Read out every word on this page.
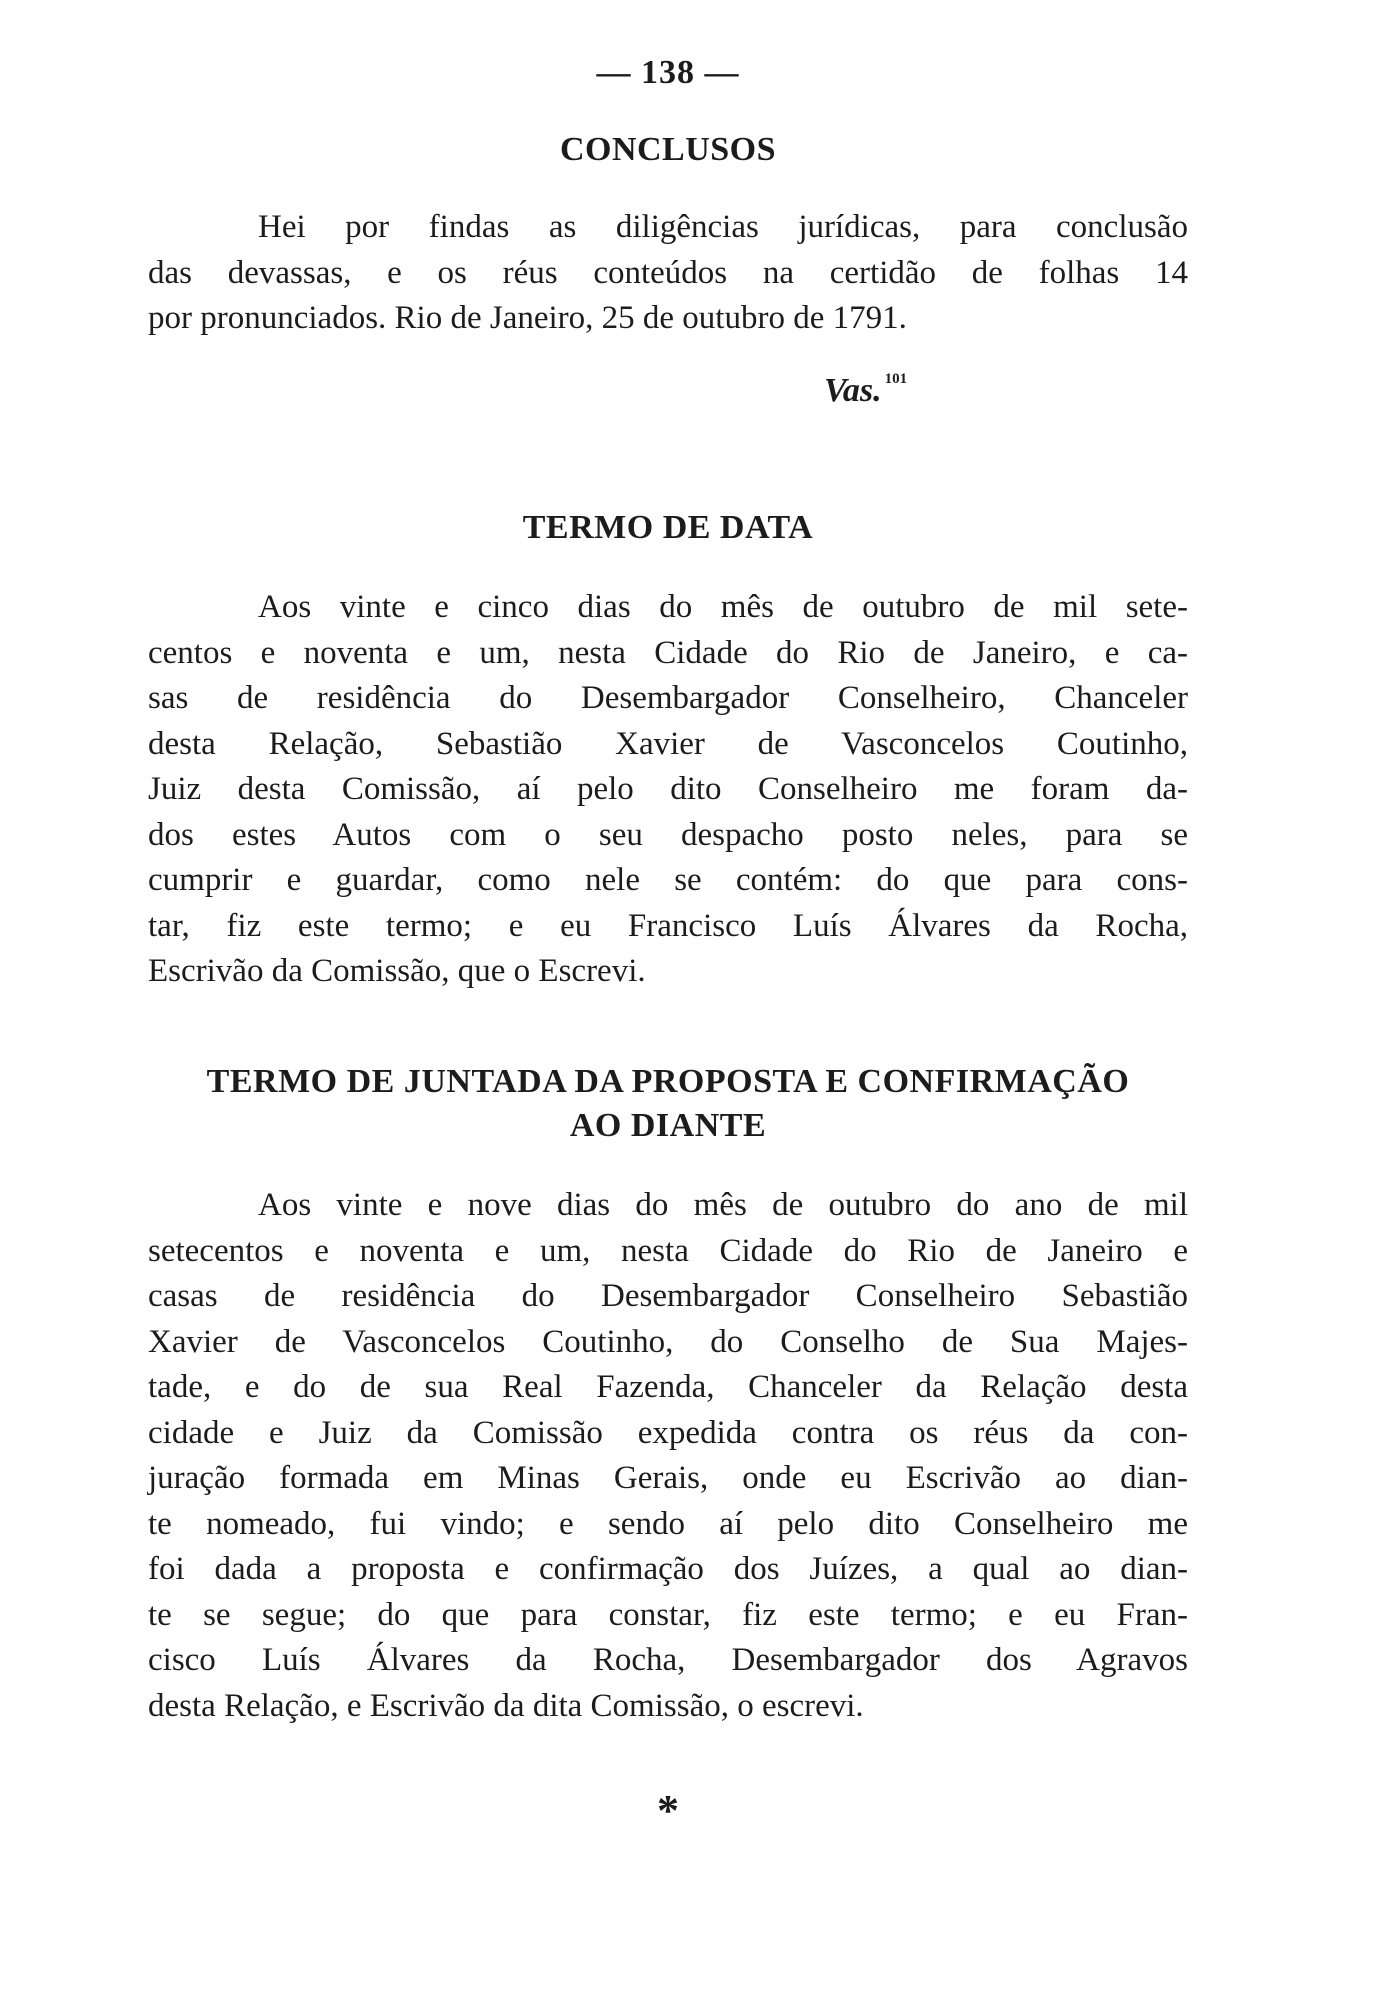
— 138 —
CONCLUSOS
Hei por findas as diligências jurídicas, para conclusão
das devassas, e os réus conteúdos na certidão de folhas 14
por pronunciados. Rio de Janeiro, 25 de outubro de 1791.
Vas. $^{101}$
TERMO DE DATA
Aos vinte e cinco dias do mês de outubro de mil sete-
centos e noventa e um, nesta Cidade do Rio de Janeiro, e ca-
sas de residência do Desembargador Conselheiro, Chanceler
desta Relação, Sebastião Xavier de Vasconcelos Coutinho,
Juiz desta Comissão, aí pelo dito Conselheiro me foram da-
dos estes Autos com o seu despacho posto neles, para se
cumprir e guardar, como nele se contém: do que para cons-
tar, fiz este termo; e eu Francisco Luís Álvares da Rocha,
Escrivão da Comissão, que o Escrevi.
TERMO DE JUNTADA DA PROPOSTA E CONFIRMAÇÃO
AO DIANTE
Aos vinte e nove dias do mês de outubro do ano de mil
setecentos e noventa e um, nesta Cidade do Rio de Janeiro e
casas de residência do Desembargador Conselheiro Sebastião
Xavier de Vasconcelos Coutinho, do Conselho de Sua Majes-
tade, e do de sua Real Fazenda, Chanceler da Relação desta
cidade e Juiz da Comissão expedida contra os réus da con-
juração formada em Minas Gerais, onde eu Escrivão ao dian-
te nomeado, fui vindo; e sendo aí pelo dito Conselheiro me
foi dada a proposta e confirmação dos Juízes, a qual ao dian-
te se segue; do que para constar, fiz este termo; e eu Fran-
cisco Luís Álvares da Rocha, Desembargador dos Agravos
desta Relação, e Escrivão da dita Comissão, o escrevi.
*
